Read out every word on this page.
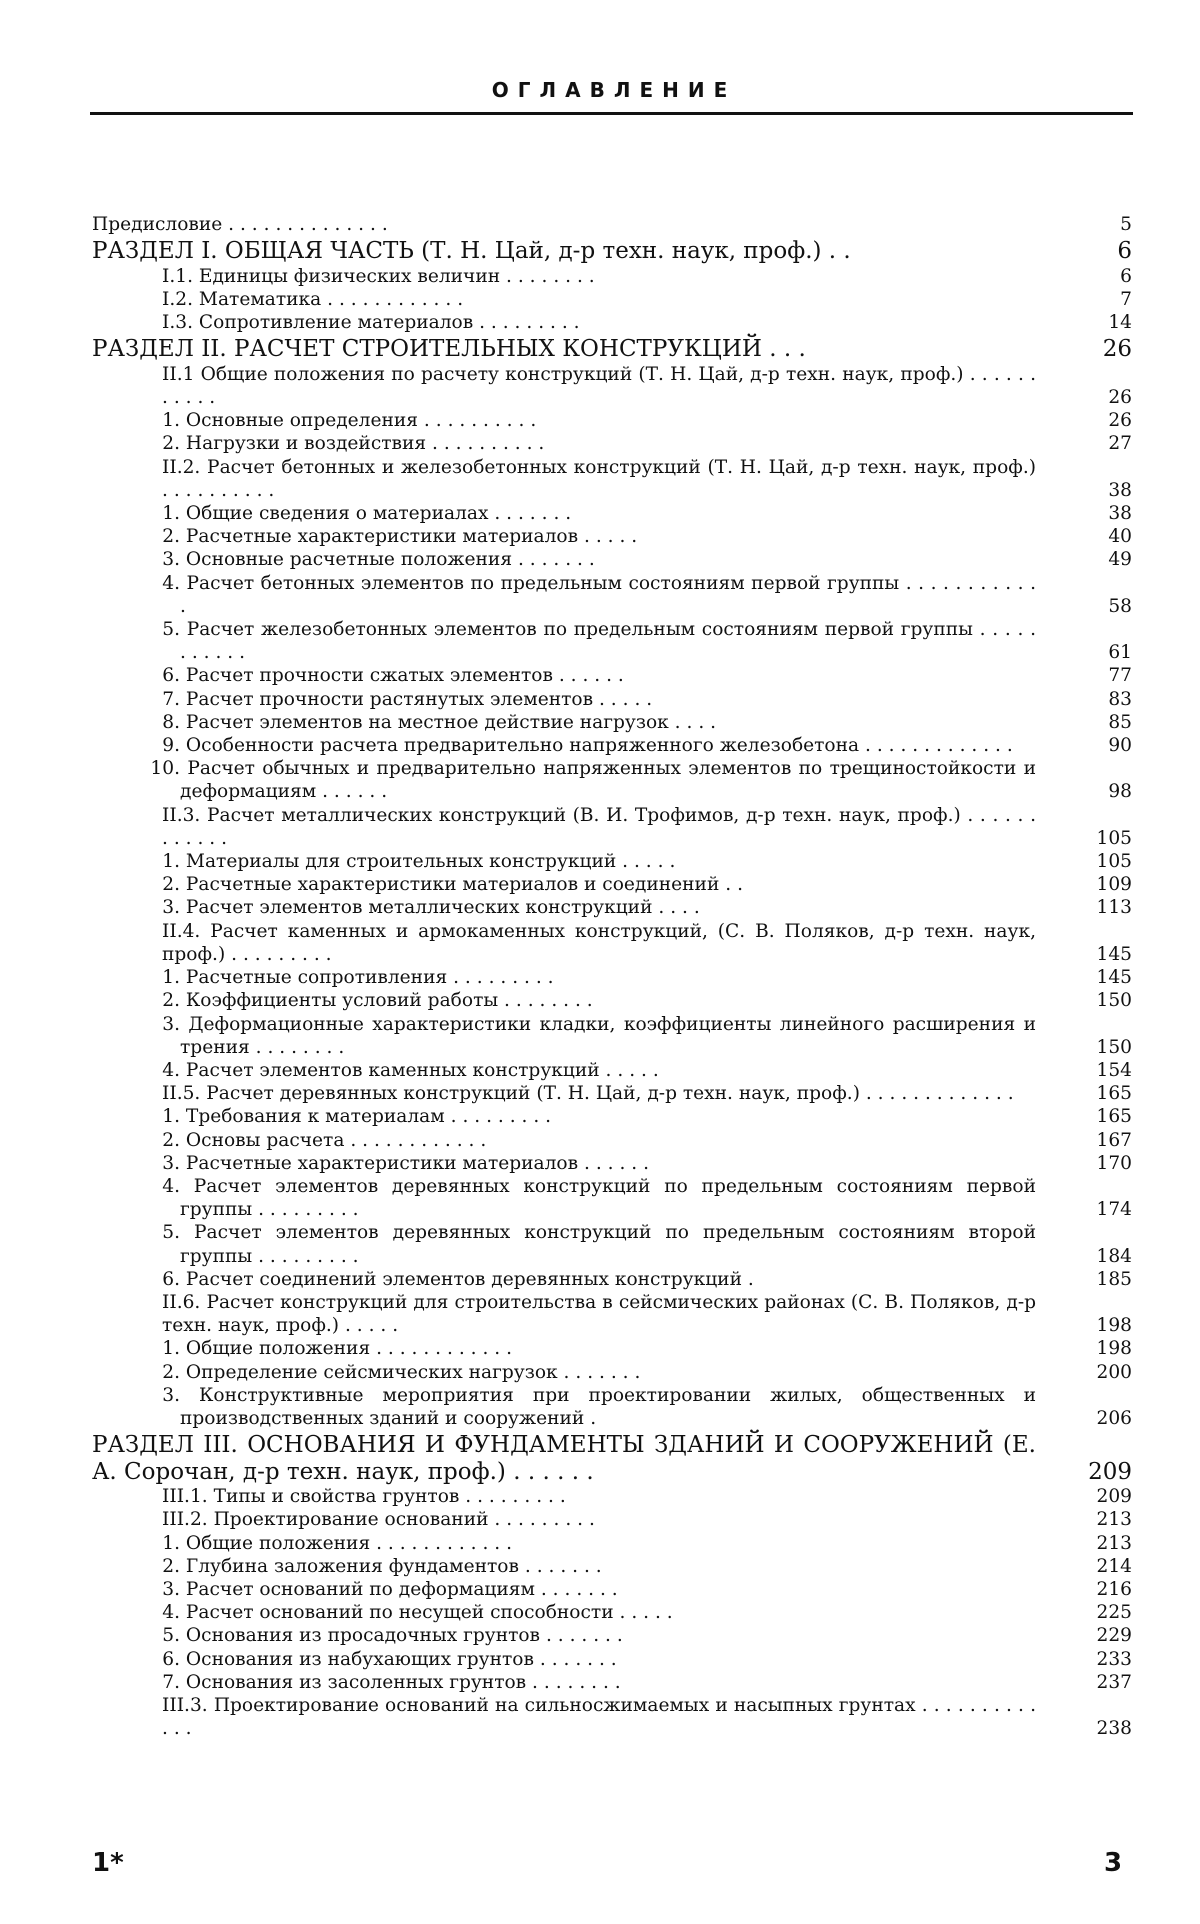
ОГЛАВЛЕНИЕ
Предисловие . . . . . . . . . . . . . .	5
РАЗДЕЛ I. ОБЩАЯ ЧАСТЬ (Т. Н. Цай, д-р техн. наук, проф.) . .	6
I.1. Единицы физических величин . . . . . . . .	6
I.2. Математика . . . . . . . . . . . .	7
I.3. Сопротивление материалов . . . . . . . . .	14
РАЗДЕЛ II. РАСЧЕТ СТРОИТЕЛЬНЫХ КОНСТРУКЦИЙ . . .	26
II.1 Общие положения по расчету конструкций (Т. Н. Цай, д-р техн. наук, проф.) . . . . . . . . . . .	26
1. Основные определения . . . . . . . . . .	26
2. Нагрузки и воздействия . . . . . . . . . .	27
II.2. Расчет бетонных и железобетонных конструкций (Т. Н. Цай, д-р техн. наук, проф.) . . . . . . . . . .	38
1. Общие сведения о материалах . . . . . . .	38
2. Расчетные характеристики материалов . . . . .	40
3. Основные расчетные положения . . . . . . .	49
4. Расчет бетонных элементов по предельным состояниям первой группы . . . . . . . . . . . .	58
5. Расчет железобетонных элементов по предельным состояниям первой группы . . . . . . . . . . .	61
6. Расчет прочности сжатых элементов . . . . . .	77
7. Расчет прочности растянутых элементов . . . . .	83
8. Расчет элементов на местное действие нагрузок . . . .	85
9. Особенности расчета предварительно напряженного железобетона . . . . . . . . . . . . .	90
10. Расчет обычных и предварительно напряженных элементов по трещиностойкости и деформациям . . . . . .	98
II.3. Расчет металлических конструкций (В. И. Трофимов, д-р техн. наук, проф.) . . . . . . . . . . . .	105
1. Материалы для строительных конструкций . . . . .	105
2. Расчетные характеристики материалов и соединений . .	109
3. Расчет элементов металлических конструкций . . . .	113
II.4. Расчет каменных и армокаменных конструкций, (С. В. Поляков, д-р техн. наук, проф.) . . . . . . . . .	145
1. Расчетные сопротивления . . . . . . . . .	145
2. Коэффициенты условий работы . . . . . . . .	150
3. Деформационные характеристики кладки, коэффициенты линейного расширения и трения . . . . . . . .	150
4. Расчет элементов каменных конструкций . . . . .	154
II.5. Расчет деревянных конструкций (Т. Н. Цай, д-р техн. наук, проф.) . . . . . . . . . . . . .	165
1. Требования к материалам . . . . . . . . .	165
2. Основы расчета . . . . . . . . . . . .	167
3. Расчетные характеристики материалов . . . . . .	170
4. Расчет элементов деревянных конструкций по предельным состояниям первой группы . . . . . . . . .	174
5. Расчет элементов деревянных конструкций по предельным состояниям второй группы . . . . . . . . .	184
6. Расчет соединений элементов деревянных конструкций .	185
II.6. Расчет конструкций для строительства в сейсмических районах (С. В. Поляков, д-р техн. наук, проф.) . . . . .	198
1. Общие положения . . . . . . . . . . . .	198
2. Определение сейсмических нагрузок . . . . . . .	200
3. Конструктивные мероприятия при проектировании жилых, общественных и производственных зданий и сооружений .	206
РАЗДЕЛ III. ОСНОВАНИЯ И ФУНДАМЕНТЫ ЗДАНИЙ И СООРУЖЕНИЙ (Е. А. Сорочан, д-р техн. наук, проф.) . . . . . .	209
III.1. Типы и свойства грунтов . . . . . . . . .	209
III.2. Проектирование оснований . . . . . . . . .	213
1. Общие положения . . . . . . . . . . . .	213
2. Глубина заложения фундаментов . . . . . . .	214
3. Расчет оснований по деформациям . . . . . . .	216
4. Расчет оснований по несущей способности . . . . .	225
5. Основания из просадочных грунтов . . . . . . .	229
6. Основания из набухающих грунтов . . . . . . .	233
7. Основания из засоленных грунтов . . . . . . . .	237
III.3. Проектирование оснований на сильносжимаемых и насыпных грунтах . . . . . . . . . . . . .	238
1*	3
